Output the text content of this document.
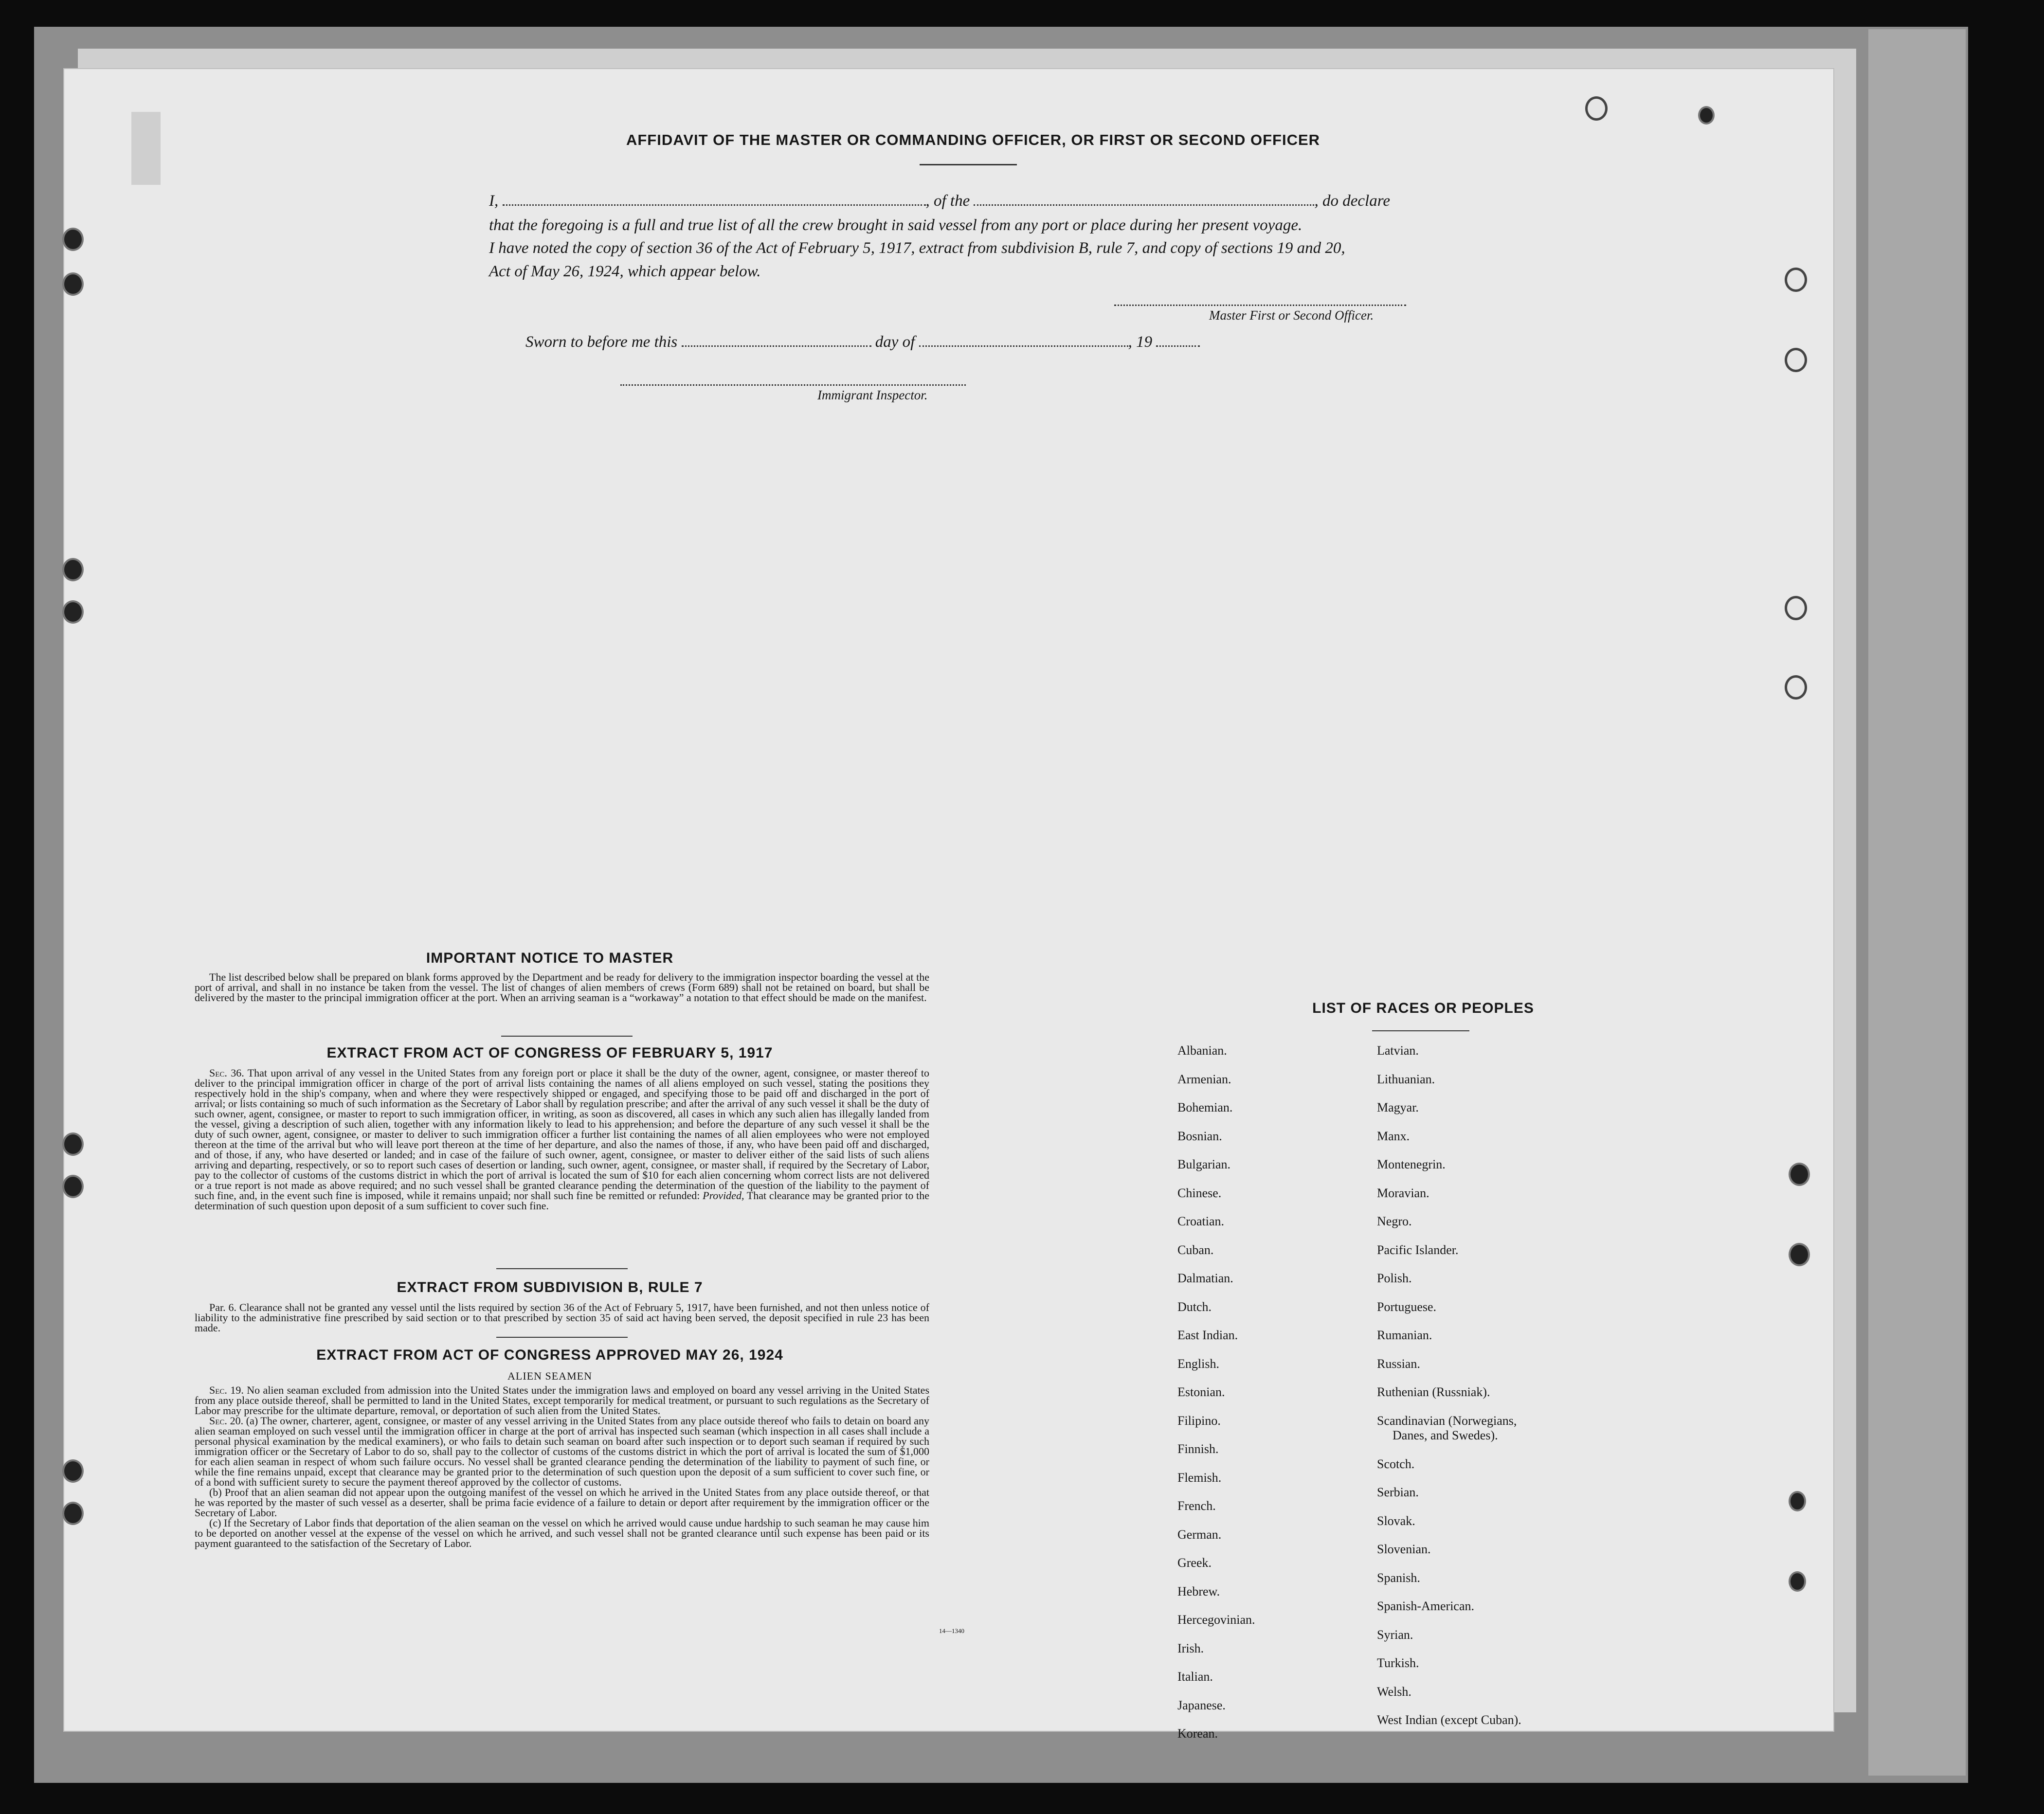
AFFIDAVIT OF THE MASTER OR COMMANDING OFFICER, OR FIRST OR SECOND OFFICER
I,	, of the	, do declare
that the foregoing is a full and true list of all the crew brought in said vessel from any port or place during her present voyage.
I have noted the copy of section 36 of the Act of February 5, 1917, extract from subdivision B, rule 7, and copy of sections 19 and 20,
Act of May 26, 1924, which appear below.
Master First or Second Officer.
Sworn to before me this	day of	, 19
Immigrant Inspector.
IMPORTANT NOTICE TO MASTER

The list described below shall be prepared on blank forms approved by the Department and be ready for delivery to the immigration inspector boarding the vessel at the port of arrival, and shall in no instance be taken from the vessel. The list of changes of alien members of crews (Form 689) shall not be retained on board, but shall be delivered by the master to the principal immigration officer at the port. When an arriving seaman is a “workaway” a notation to that effect should be made on the manifest.

EXTRACT FROM ACT OF CONGRESS OF FEBRUARY 5, 1917

Sec. 36. That upon arrival of any vessel in the United States from any foreign port or place it shall be the duty of the owner, agent, consignee, or master thereof to deliver to the principal immigration officer in charge of the port of arrival lists containing the names of all aliens employed on such vessel, stating the positions they respectively hold in the ship's company, when and where they were respectively shipped or engaged, and specifying those to be paid off and discharged in the port of arrival; or lists containing so much of such information as the Secretary of Labor shall by regulation prescribe; and after the arrival of any such vessel it shall be the duty of such owner, agent, consignee, or master to report to such immigration officer, in writing, as soon as discovered, all cases in which any such alien has illegally landed from the vessel, giving a description of such alien, together with any information likely to lead to his apprehension; and before the departure of any such vessel it shall be the duty of such owner, agent, consignee, or master to deliver to such immigration officer a further list containing the names of all alien employees who were not employed thereon at the time of the arrival but who will leave port thereon at the time of her departure, and also the names of those, if any, who have been paid off and discharged, and of those, if any, who have deserted or landed; and in case of the failure of such owner, agent, consignee, or master to deliver either of the said lists of such aliens arriving and departing, respectively, or so to report such cases of desertion or landing, such owner, agent, consignee, or master shall, if required by the Secretary of Labor, pay to the collector of customs of the customs district in which the port of arrival is located the sum of $10 for each alien concerning whom correct lists are not delivered or a true report is not made as above required; and no such vessel shall be granted clearance pending the determination of the question of the liability to the payment of such fine, and, in the event such fine is imposed, while it remains unpaid; nor shall such fine be remitted or refunded: Provided, That clearance may be granted prior to the determination of such question upon deposit of a sum sufficient to cover such fine.

EXTRACT FROM SUBDIVISION B, RULE 7

Par. 6. Clearance shall not be granted any vessel until the lists required by section 36 of the Act of February 5, 1917, have been furnished, and not then unless notice of liability to the administrative fine prescribed by said section or to that prescribed by section 35 of said act having been served, the deposit specified in rule 23 has been made.

EXTRACT FROM ACT OF CONGRESS APPROVED MAY 26, 1924
ALIEN SEAMEN

Sec. 19. No alien seaman excluded from admission into the United States under the immigration laws and employed on board any vessel arriving in the United States from any place outside thereof, shall be permitted to land in the United States, except temporarily for medical treatment, or pursuant to such regulations as the Secretary of Labor may prescribe for the ultimate departure, removal, or deportation of such alien from the United States.

Sec. 20. (a) The owner, charterer, agent, consignee, or master of any vessel arriving in the United States from any place outside thereof who fails to detain on board any alien seaman employed on such vessel until the immigration officer in charge at the port of arrival has inspected such seaman (which inspection in all cases shall include a personal physical examination by the medical examiners), or who fails to detain such seaman on board after such inspection or to deport such seaman if required by such immigration officer or the Secretary of Labor to do so, shall pay to the collector of customs of the customs district in which the port of arrival is located the sum of $1,000 for each alien seaman in respect of whom such failure occurs. No vessel shall be granted clearance pending the determination of the liability to payment of such fine, or while the fine remains unpaid, except that clearance may be granted prior to the determination of such question upon the deposit of a sum sufficient to cover such fine, or of a bond with sufficient surety to secure the payment thereof approved by the collector of customs.

(b) Proof that an alien seaman did not appear upon the outgoing manifest of the vessel on which he arrived in the United States from any place outside thereof, or that he was reported by the master of such vessel as a deserter, shall be prima facie evidence of a failure to detain or deport after requirement by the immigration officer or the Secretary of Labor.

(c) If the Secretary of Labor finds that deportation of the alien seaman on the vessel on which he arrived would cause undue hardship to such seaman he may cause him to be deported on another vessel at the expense of the vessel on which he arrived, and such vessel shall not be granted clearance until such expense has been paid or its payment guaranteed to the satisfaction of the Secretary of Labor.

14—1340
LIST OF RACES OR PEOPLES
Albanian.
Armenian.
Bohemian.
Bosnian.
Bulgarian.
Chinese.
Croatian.
Cuban.
Dalmatian.
Dutch.
East Indian.
English.
Estonian.
Filipino.
Finnish.
Flemish.
French.
German.
Greek.
Hebrew.
Hercegovinian.
Irish.
Italian.
Japanese.
Korean.
Latvian.
Lithuanian.
Magyar.
Manx.
Montenegrin.
Moravian.
Negro.
Pacific Islander.
Polish.
Portuguese.
Rumanian.
Russian.
Ruthenian (Russniak).
Scandinavian (Norwegians,
Danes, and Swedes).
Scotch.
Serbian.
Slovak.
Slovenian.
Spanish.
Spanish-American.
Syrian.
Turkish.
Welsh.
West Indian (except Cuban).
